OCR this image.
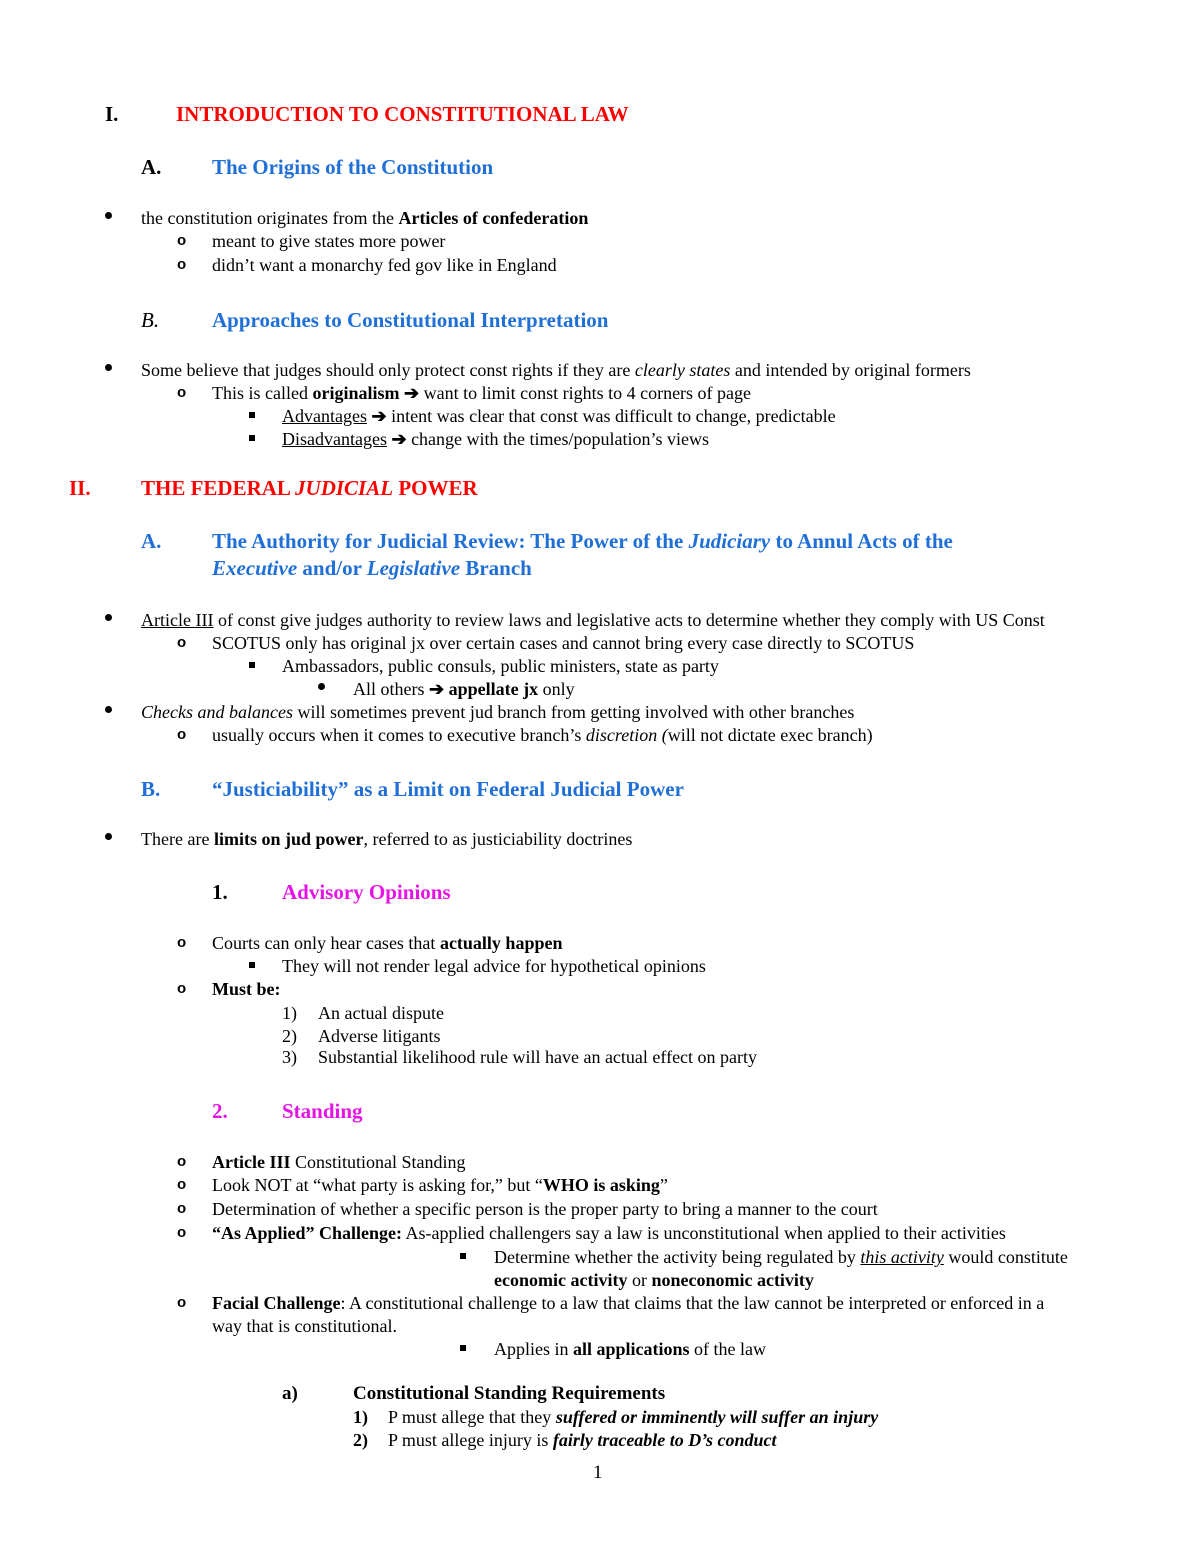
I.	INTRODUCTION TO CONSTITUTIONAL LAW
A. The Origins of the Constitution
the constitution originates from the Articles of confederation
o meant to give states more power
o didn’t want a monarchy fed gov like in England
B.	Approaches to Constitutional Interpretation
Some believe that judges should only protect const rights if they are clearly states and intended by original formers
o This is called originalism ➔ want to limit const rights to 4 corners of page
Advantages ➔ intent was clear that const was difficult to change, predictable
Disadvantages ➔ change with the times/population’s views
II. THE FEDERAL JUDICIAL POWER
A. The Authority for Judicial Review: The Power of the Judiciary to Annul Acts of the
Executive and/or Legislative Branch
Article III of const give judges authority to review laws and legislative acts to determine whether they comply with US Const
o SCOTUS only has original jx over certain cases and cannot bring every case directly to SCOTUS
Ambassadors, public consuls, public ministers, state as party
All others ➔ appellate jx only
Checks and balances will sometimes prevent jud branch from getting involved with other branches
o usually occurs when it comes to executive branch’s discretion (will not dictate exec branch)
B. “Justiciability” as a Limit on Federal Judicial Power
There are limits on jud power, referred to as justiciability doctrines
1.	Advisory Opinions
o Courts can only hear cases that actually happen
They will not render legal advice for hypothetical opinions
o Must be:
1) An actual dispute
2) Adverse litigants
3) Substantial likelihood rule will have an actual effect on party
2.	Standing
o Article III Constitutional Standing
o Look NOT at “what party is asking for,” but “WHO is asking”
o Determination of whether a specific person is the proper party to bring a manner to the court
o “As Applied” Challenge: As-applied challengers say a law is unconstitutional when applied to their activities
Determine whether the activity being regulated by this activity would constitute
economic activity or noneconomic activity
o Facial Challenge: A constitutional challenge to a law that claims that the law cannot be interpreted or enforced in a
way that is constitutional.
Applies in all applications of the law
a)	Constitutional Standing Requirements
1) P must allege that they suffered or imminently will suffer an injury
2) P must allege injury is fairly traceable to D’s conduct
1
